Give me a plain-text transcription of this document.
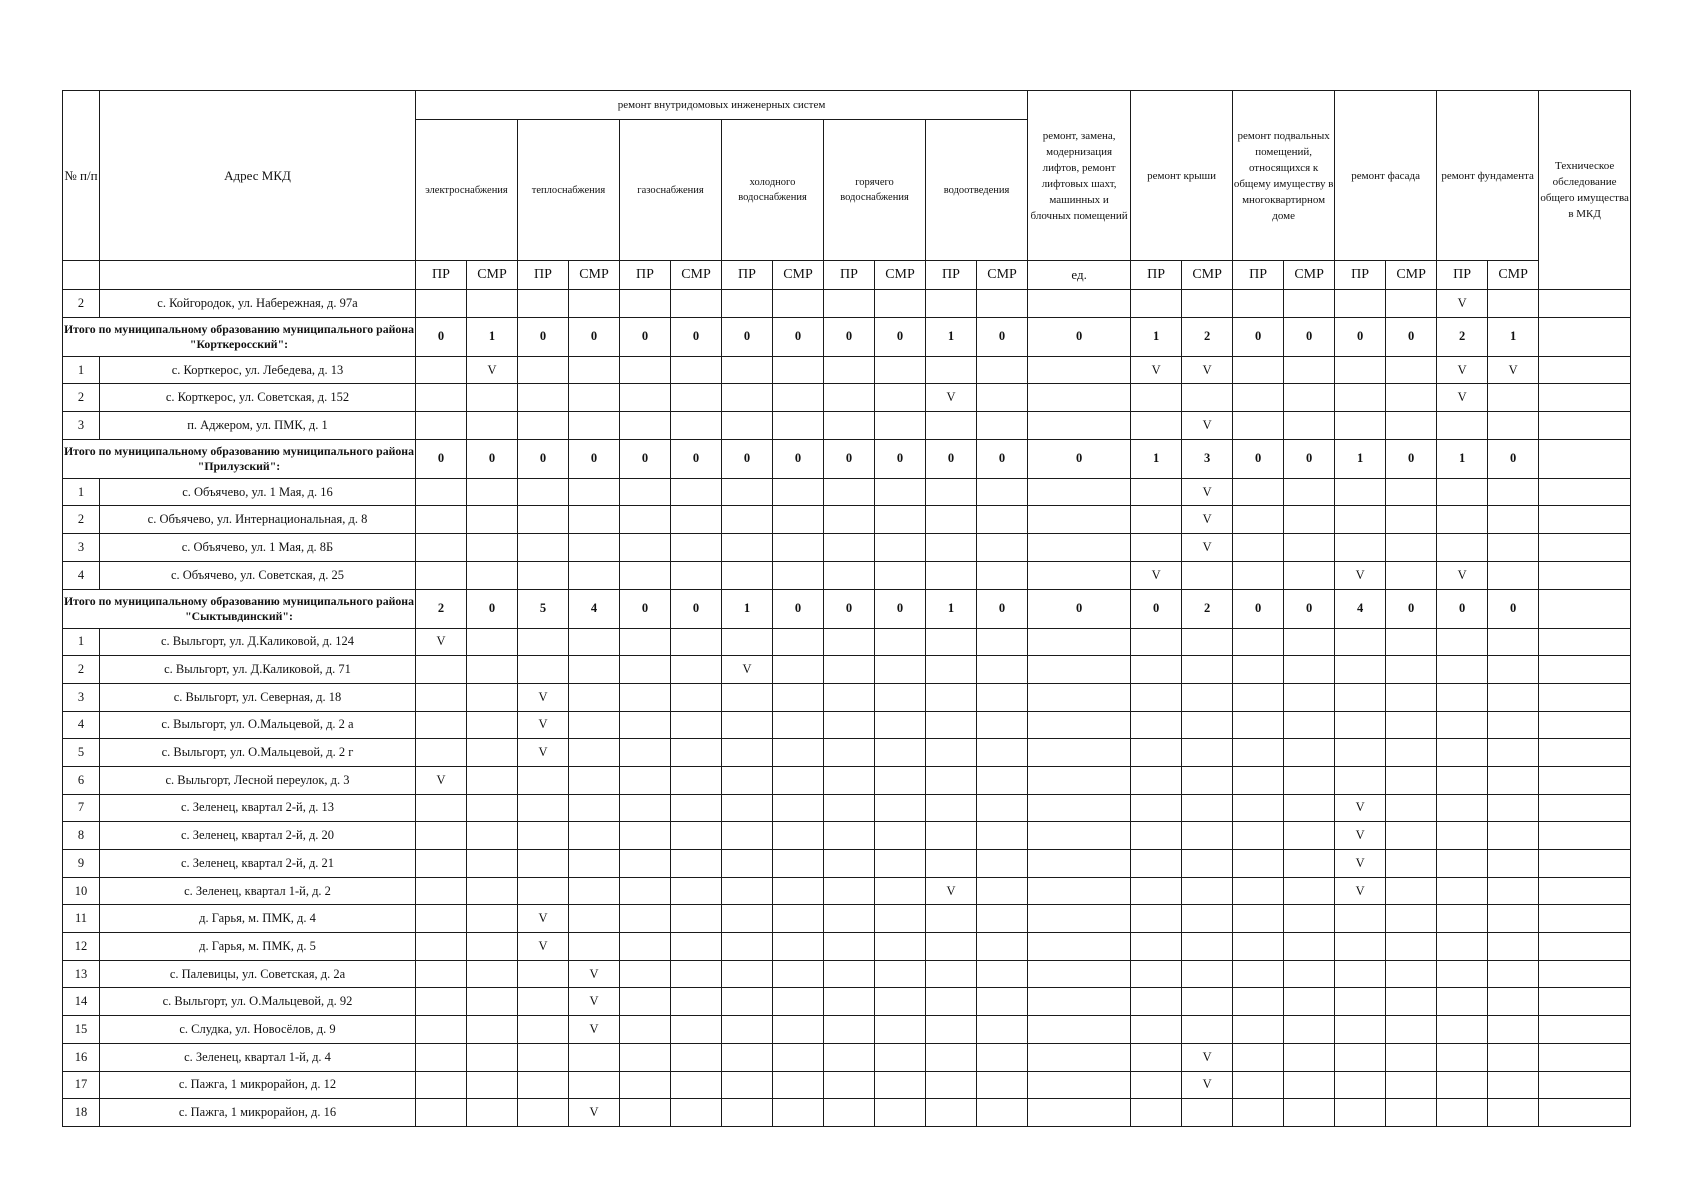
№ п/п	Адрес МКД	ремонт внутридомовых инженерных систем												ремонт, замена, модернизация лифтов, ремонт лифтовых шахт, машинных и блочных помещений	ремонт крыши		ремонт подвальных помещений, относящихся к общему имуществу в многоквартирном доме		ремонт фасада		ремонт фундамента		Техническое обследование общего имущества в МКД
		электроснабжения		теплоснабжения		газоснабжения		холодного водоснабжения		горячего водоснабжения		водоотведения											
		ПР	СМР	ПР	СМР	ПР	СМР	ПР	СМР	ПР	СМР	ПР	СМР	ед.	ПР	СМР	ПР	СМР	ПР	СМР	ПР	СМР	
2	с. Койгородок, ул. Набережная, д. 97а																				V		
Итого по муниципальному образованию муниципального района "Корткеросский":		0	1	0	0	0	0	0	0	0	0	1	0	0	1	2	0	0	0	0	2	1	
1	с. Корткерос, ул. Лебедева, д. 13		V												V	V					V	V	
2	с. Корткерос, ул. Советская, д. 152											V									V		
3	п. Аджером, ул. ПМК, д. 1															V							
Итого по муниципальному образованию муниципального района "Прилузский":		0	0	0	0	0	0	0	0	0	0	0	0	0	1	3	0	0	1	0	1	0	
1	с. Объячево, ул. 1 Мая, д. 16															V							
2	с. Объячево, ул. Интернациональная, д. 8															V							
3	с. Объячево, ул. 1 Мая, д. 8Б															V							
4	с. Объячево, ул. Советская, д. 25														V				V		V		
Итого по муниципальному образованию муниципального района "Сыктывдинский":		2	0	5	4	0	0	1	0	0	0	1	0	0	0	2	0	0	4	0	0	0	
1	с. Выльгорт, ул. Д.Каликовой, д. 124	V																					
2	с. Выльгорт, ул. Д.Каликовой, д. 71							V															
3	с. Выльгорт, ул. Северная, д. 18			V																			
4	с. Выльгорт, ул. О.Мальцевой, д. 2 а			V																			
5	с. Выльгорт, ул. О.Мальцевой, д. 2 г			V																			
6	с. Выльгорт, Лесной переулок, д. 3	V																					
7	с. Зеленец, квартал 2-й, д. 13																		V				
8	с. Зеленец, квартал 2-й, д. 20																		V				
9	с. Зеленец, квартал 2-й, д. 21																		V				
10	с. Зеленец, квартал 1-й, д. 2											V							V				
11	д. Гарья, м. ПМК, д. 4			V																			
12	д. Гарья, м. ПМК, д. 5			V																			
13	с. Палевицы, ул. Советская, д. 2а				V																		
14	с. Выльгорт, ул. О.Мальцевой, д. 92				V																		
15	с. Слудка, ул. Новосёлов, д. 9				V																		
16	с. Зеленец, квартал 1-й, д. 4															V							
17	с. Пажга, 1 микрорайон, д. 12															V							
18	с. Пажга, 1 микрорайон, д. 16				V																		
